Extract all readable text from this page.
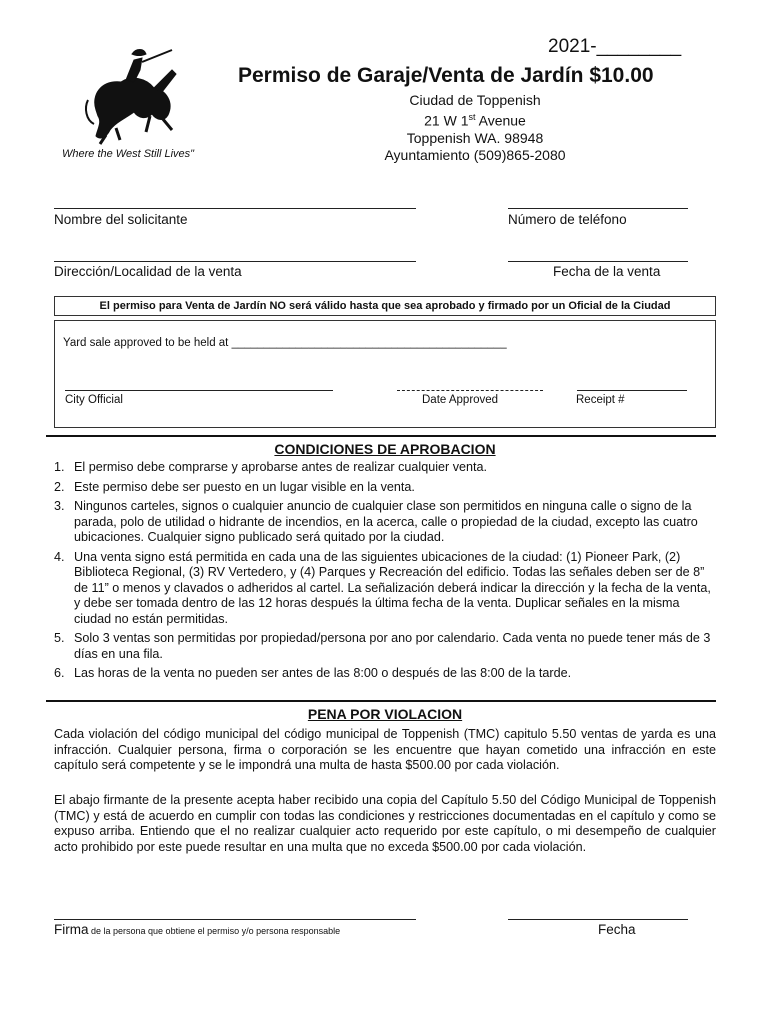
Where the West Still Lives"
2021-________
Permiso de Garaje/Venta de Jardín $10.00
Ciudad de Toppenish
21 W 1st Avenue
Toppenish WA. 98948
Ayuntamiento (509)865-2080
Nombre del solicitante	Número de teléfono
Dirección/Localidad de la venta	Fecha de la venta
El permiso para Venta de Jardín NO será válido hasta que sea aprobado y firmado por un Oficial de la Ciudad
Yard sale approved to be held at ___________________________________________
City Official	Date Approved	Receipt #
CONDICIONES DE APROBACION
1. El permiso debe comprarse y aprobarse antes de realizar cualquier venta.
2. Este permiso debe ser puesto en un lugar visible en la venta.
3. Ningunos carteles, signos o cualquier anuncio de cualquier clase son permitidos en ninguna calle o signo de la parada, polo de utilidad o hidrante de incendios, en la acerca, calle o propiedad de la ciudad, excepto las cuatro ubicaciones. Cualquier signo publicado será quitado por la ciudad.
4. Una venta signo está permitida en cada una de las siguientes ubicaciones de la ciudad: (1) Pioneer Park, (2) Biblioteca Regional, (3) RV Vertedero, y (4) Parques y Recreación del edificio. Todas las señales deben ser de 8” de 11” o menos y clavados o adheridos al cartel. La señalización deberá indicar la dirección y la fecha de la venta, y debe ser tomada dentro de las 12 horas después la última fecha de la venta. Duplicar señales en la misma ciudad no están permitidas.
5. Solo 3 ventas son permitidas por propiedad/persona por ano por calendario. Cada venta no puede tener más de 3 días en una fila.
6. Las horas de la venta no pueden ser antes de las 8:00 o después de las 8:00 de la tarde.
PENA POR VIOLACION
Cada violación del código municipal del código municipal de Toppenish (TMC) capitulo 5.50 ventas de yarda es una infracción. Cualquier persona, firma o corporación se les encuentre que hayan cometido una infracción en este capítulo será competente y se le impondrá una multa de hasta $500.00 por cada violación.
El abajo firmante de la presente acepta haber recibido una copia del Capítulo 5.50 del Código Municipal de Toppenish (TMC) y está de acuerdo en cumplir con todas las condiciones y restricciones documentadas en el capítulo y como se expuso arriba. Entiendo que el no realizar cualquier acto requerido por este capítulo, o mi desempeño de cualquier acto prohibido por este puede resultar en una multa que no exceda $500.00 por cada violación.
Firma de la persona que obtiene el permiso y/o persona responsable	Fecha
